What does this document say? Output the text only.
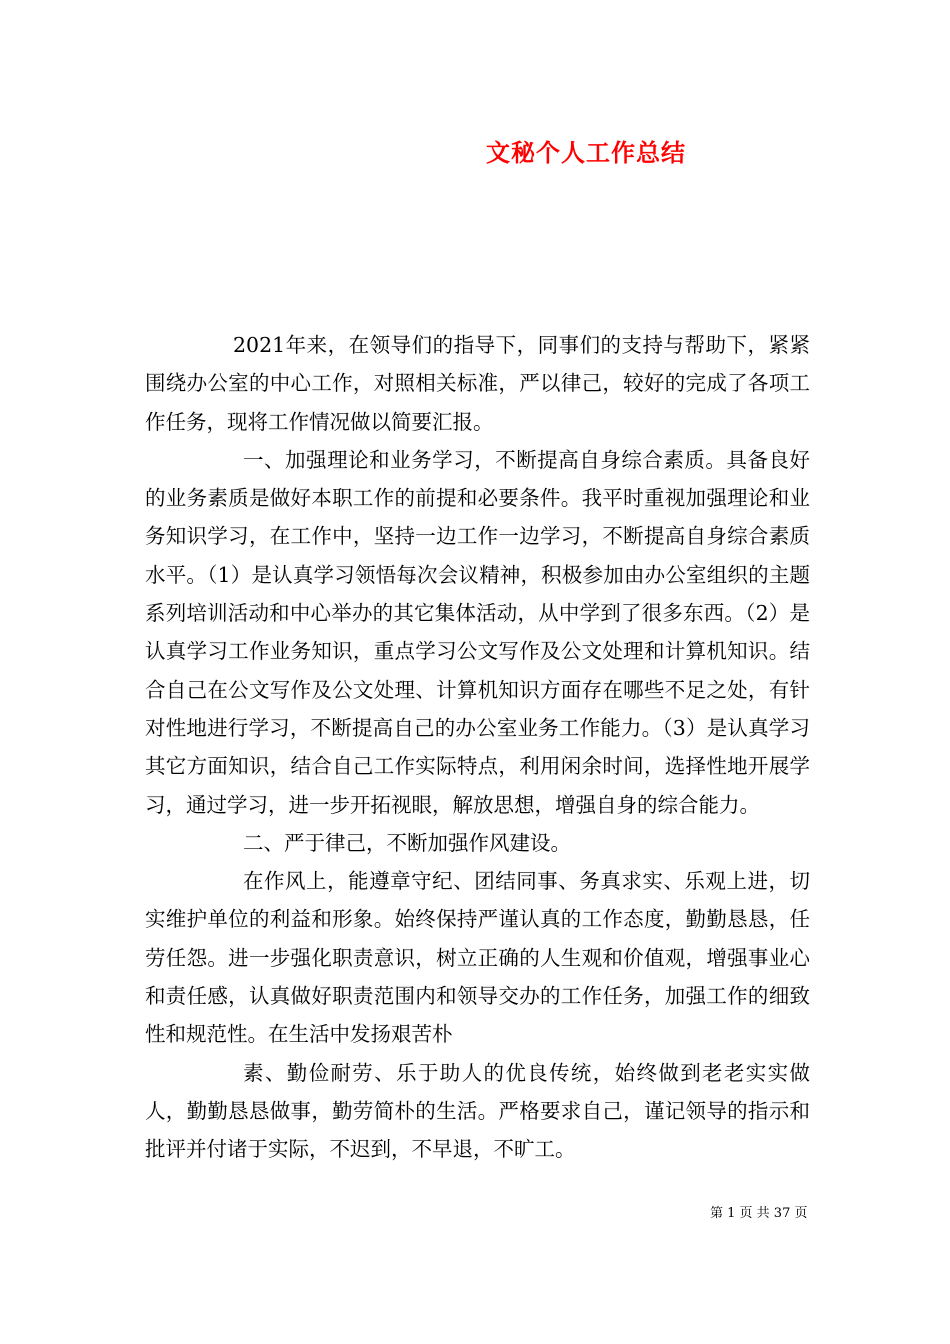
文秘个人工作总结

2021年来，在领导们的指导下，同事们的支持与帮助下，紧紧围绕办公室的中心工作，对照相关标准，严以律己，较好的完成了各项工作任务，现将工作情况做以简要汇报。

一、加强理论和业务学习，不断提高自身综合素质。具备良好的业务素质是做好本职工作的前提和必要条件。我平时重视加强理论和业务知识学习，在工作中，坚持一边工作一边学习，不断提高自身综合素质水平。（1）是认真学习领悟每次会议精神，积极参加由办公室组织的主题系列培训活动和中心举办的其它集体活动，从中学到了很多东西。（2）是认真学习工作业务知识，重点学习公文写作及公文处理和计算机知识。结合自己在公文写作及公文处理、计算机知识方面存在哪些不足之处，有针对性地进行学习，不断提高自己的办公室业务工作能力。（3）是认真学习其它方面知识，结合自己工作实际特点，利用闲余时间，选择性地开展学习，通过学习，进一步开拓视眼，解放思想，增强自身的综合能力。

二、严于律己，不断加强作风建设。

在作风上，能遵章守纪、团结同事、务真求实、乐观上进，切实维护单位的利益和形象。始终保持严谨认真的工作态度，勤勤恳恳，任劳任怨。进一步强化职责意识，树立正确的人生观和价值观，增强事业心和责任感，认真做好职责范围内和领导交办的工作任务，加强工作的细致性和规范性。在生活中发扬艰苦朴

素、勤俭耐劳、乐于助人的优良传统，始终做到老老实实做人，勤勤恳恳做事，勤劳简朴的生活。严格要求自己，谨记领导的指示和批评并付诸于实际，不迟到，不早退，不旷工。

第 1 页 共 37 页
